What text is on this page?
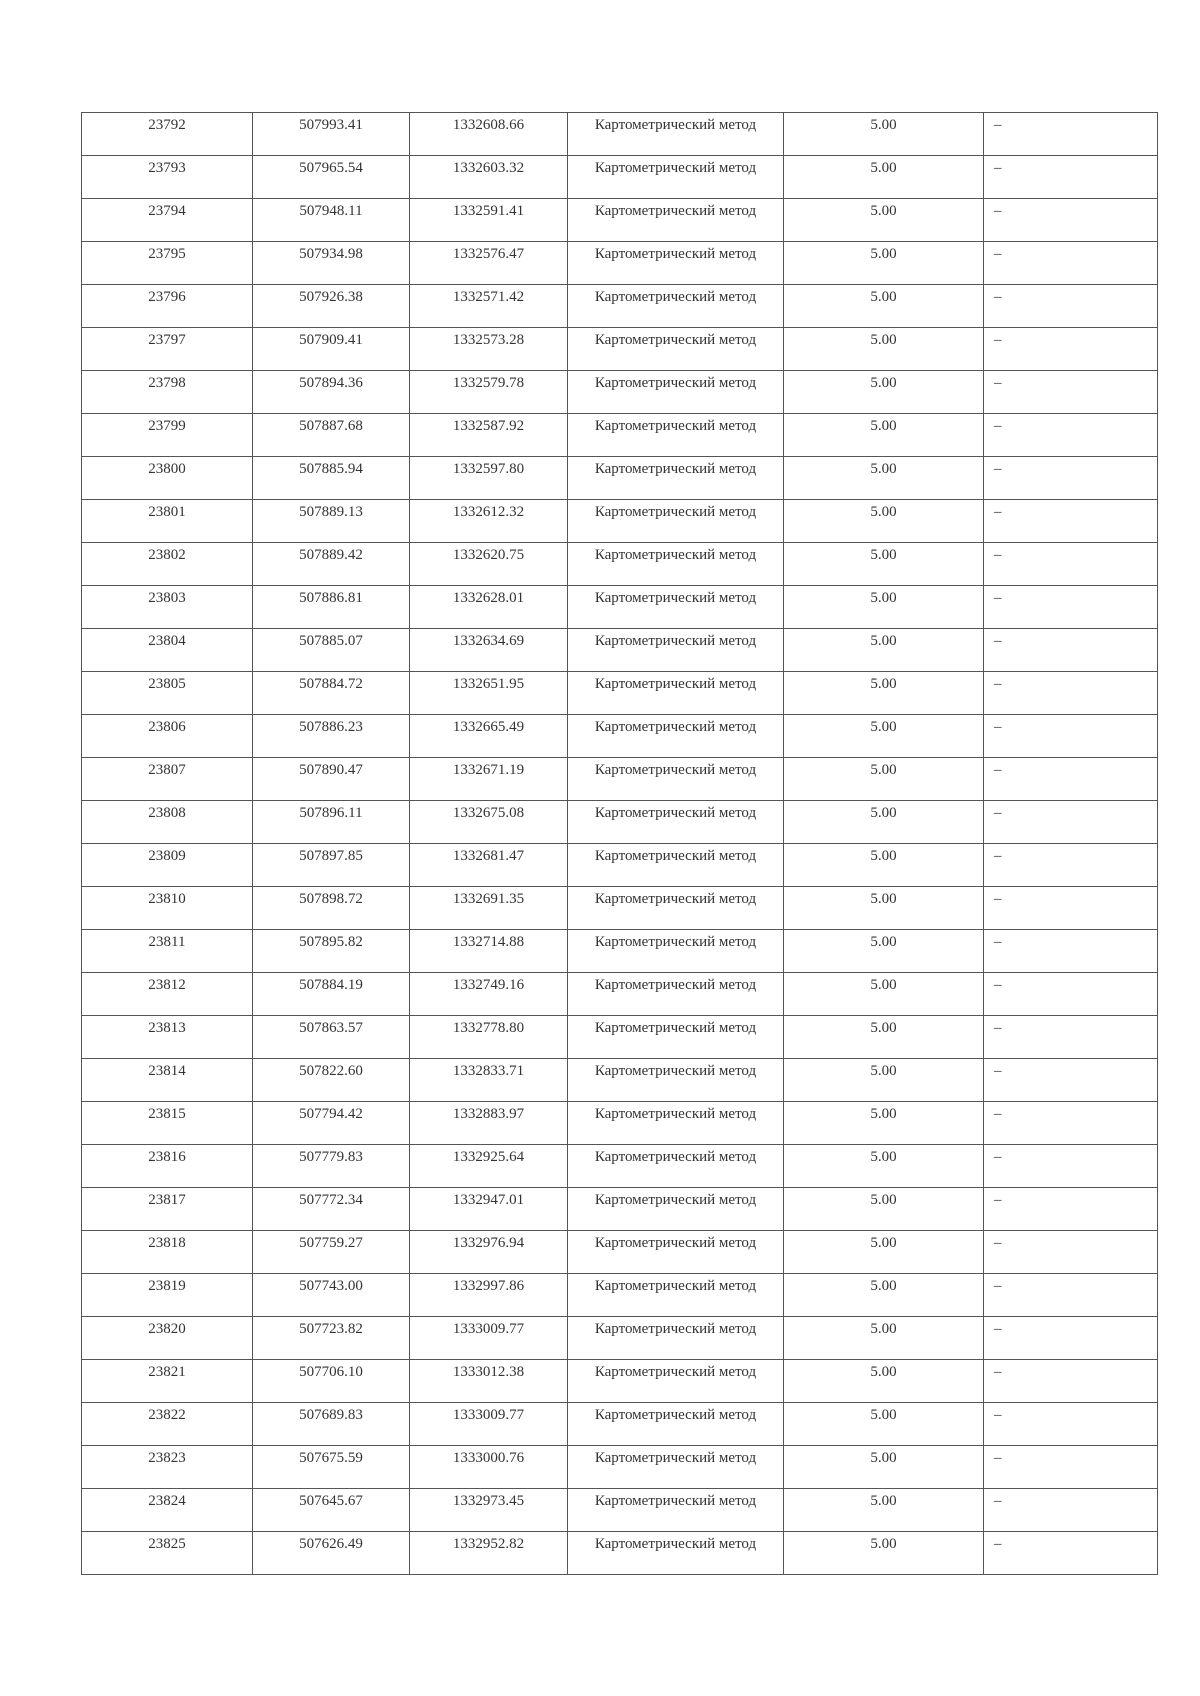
23792	507993.41	1332608.66	Картометрический метод	5.00	–

23793	507965.54	1332603.32	Картометрический метод	5.00	–

23794	507948.11	1332591.41	Картометрический метод	5.00	–

23795	507934.98	1332576.47	Картометрический метод	5.00	–

23796	507926.38	1332571.42	Картометрический метод	5.00	–

23797	507909.41	1332573.28	Картометрический метод	5.00	–

23798	507894.36	1332579.78	Картометрический метод	5.00	–

23799	507887.68	1332587.92	Картометрический метод	5.00	–

23800	507885.94	1332597.80	Картометрический метод	5.00	–

23801	507889.13	1332612.32	Картометрический метод	5.00	–

23802	507889.42	1332620.75	Картометрический метод	5.00	–

23803	507886.81	1332628.01	Картометрический метод	5.00	–

23804	507885.07	1332634.69	Картометрический метод	5.00	–

23805	507884.72	1332651.95	Картометрический метод	5.00	–

23806	507886.23	1332665.49	Картометрический метод	5.00	–

23807	507890.47	1332671.19	Картометрический метод	5.00	–

23808	507896.11	1332675.08	Картометрический метод	5.00	–

23809	507897.85	1332681.47	Картометрический метод	5.00	–

23810	507898.72	1332691.35	Картометрический метод	5.00	–

23811	507895.82	1332714.88	Картометрический метод	5.00	–

23812	507884.19	1332749.16	Картометрический метод	5.00	–

23813	507863.57	1332778.80	Картометрический метод	5.00	–

23814	507822.60	1332833.71	Картометрический метод	5.00	–

23815	507794.42	1332883.97	Картометрический метод	5.00	–

23816	507779.83	1332925.64	Картометрический метод	5.00	–

23817	507772.34	1332947.01	Картометрический метод	5.00	–

23818	507759.27	1332976.94	Картометрический метод	5.00	–

23819	507743.00	1332997.86	Картометрический метод	5.00	–

23820	507723.82	1333009.77	Картометрический метод	5.00	–

23821	507706.10	1333012.38	Картометрический метод	5.00	–

23822	507689.83	1333009.77	Картометрический метод	5.00	–

23823	507675.59	1333000.76	Картометрический метод	5.00	–

23824	507645.67	1332973.45	Картометрический метод	5.00	–

23825	507626.49	1332952.82	Картометрический метод	5.00	–
